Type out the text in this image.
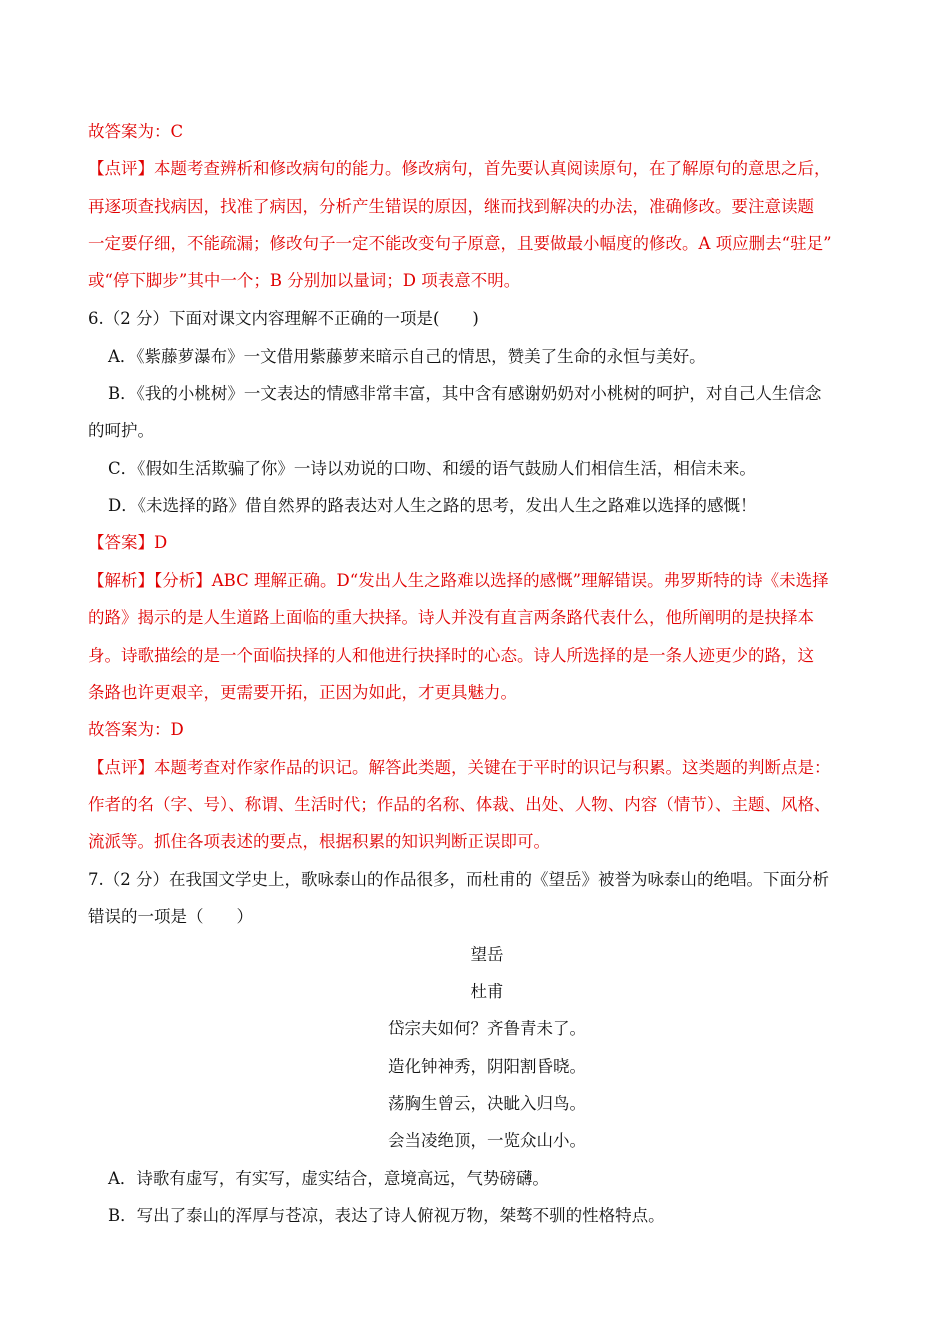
故答案为：C
【点评】本题考查辨析和修改病句的能力。修改病句，首先要认真阅读原句，在了解原句的意思之后，
再逐项查找病因，找准了病因，分析产生错误的原因，继而找到解决的办法，准确修改。要注意读题
一定要仔细，不能疏漏；修改句子一定不能改变句子原意，且要做最小幅度的修改。A 项应删去“驻足”
或“停下脚步”其中一个；B 分别加以量词；D 项表意不明。
6.（2 分）下面对课文内容理解不正确的一项是(　　)
A．《紫藤萝瀑布》一文借用紫藤萝来暗示自己的情思，赞美了生命的永恒与美好。
B．《我的小桃树》一文表达的情感非常丰富，其中含有感谢奶奶对小桃树的呵护，对自己人生信念
的呵护。
C．《假如生活欺骗了你》一诗以劝说的口吻、和缓的语气鼓励人们相信生活，相信未来。
D．《未选择的路》借自然界的路表达对人生之路的思考，发出人生之路难以选择的感慨！
【答案】D
【解析】【分析】ABC 理解正确。D“发出人生之路难以选择的感慨”理解错误。弗罗斯特的诗《未选择
的路》揭示的是人生道路上面临的重大抉择。诗人并没有直言两条路代表什么，他所阐明的是抉择本
身。诗歌描绘的是一个面临抉择的人和他进行抉择时的心态。诗人所选择的是一条人迹更少的路，这
条路也许更艰辛，更需要开拓，正因为如此，才更具魅力。
故答案为：D
【点评】本题考查对作家作品的识记。解答此类题，关键在于平时的识记与积累。这类题的判断点是：
作者的名（字、号）、称谓、生活时代；作品的名称、体裁、出处、人物、内容（情节）、主题、风格、
流派等。抓住各项表述的要点，根据积累的知识判断正误即可。
7.（2 分）在我国文学史上，歌咏泰山的作品很多，而杜甫的《望岳》被誉为咏泰山的绝唱。下面分析
错误的一项是（　　）
望岳
杜甫
岱宗夫如何？齐鲁青未了。
造化钟神秀，阴阳割昏晓。
荡胸生曾云，决眦入归鸟。
会当凌绝顶，一览众山小。
A．诗歌有虚写，有实写，虚实结合，意境高远，气势磅礴。
B．写出了泰山的浑厚与苍凉，表达了诗人俯视万物，桀骜不驯的性格特点。
